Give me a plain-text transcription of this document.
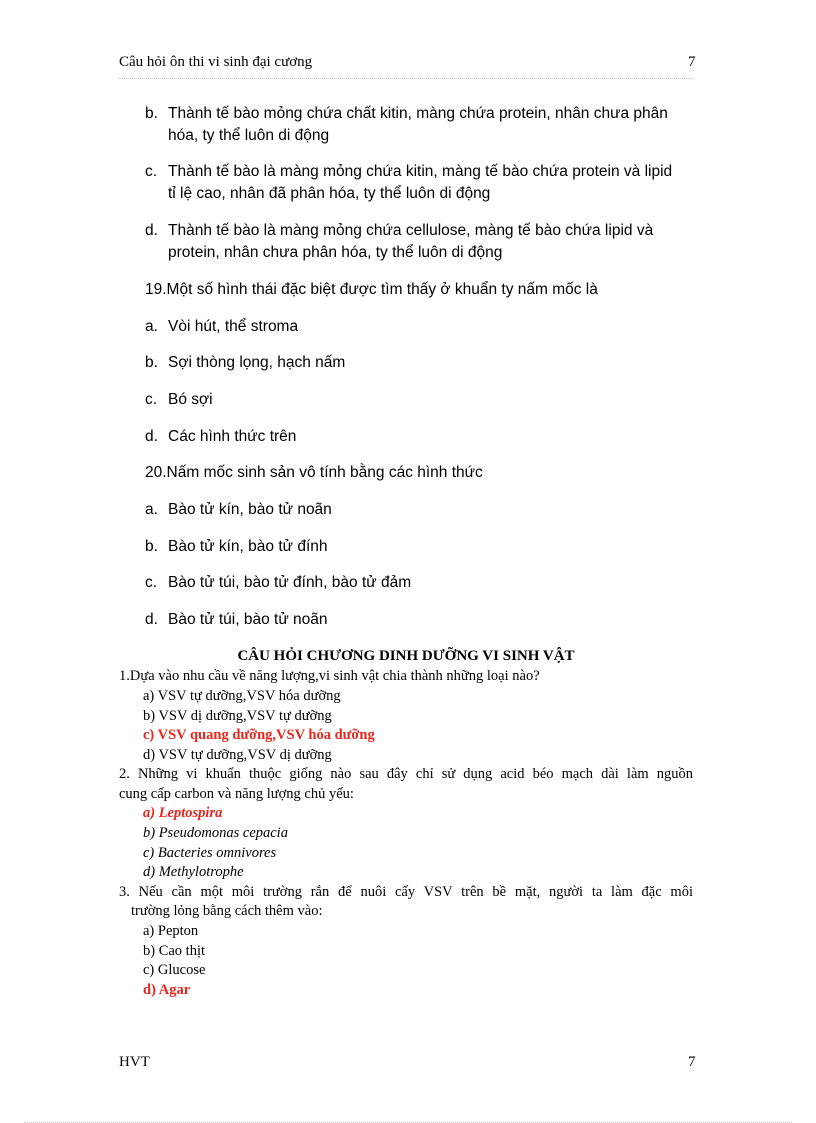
Câu hỏi ôn thi vi sinh đại cương	7
b. Thành tế bào mỏng chứa chất kitin, màng chứa protein, nhân chưa phân
hóa, ty thể luôn di động
c. Thành tế bào là màng mỏng chứa kitin, màng tế bào chứa protein và lipid
tỉ lệ cao, nhân đã phân hóa, ty thể luôn di động
d. Thành tế bào là màng mỏng chứa cellulose, màng tế bào chứa lipid và
protein, nhân chưa phân hóa, ty thể luôn di động
19.Một số hình thái đặc biệt được tìm thấy ở khuẩn ty nấm mốc là
a. Vòi hút, thể stroma
b. Sợi thòng lọng, hạch nấm
c. Bó sợi
d. Các hình thức trên
20.Nấm mốc sinh sản vô tính bằng các hình thức
a. Bào tử kín, bào tử noãn
b. Bào tử kín, bào tử đính
c. Bào tử túi, bào tử đính, bào tử đảm
d. Bào tử túi, bào tử noãn
CÂU HỎI CHƯƠNG DINH DƯỠNG VI SINH VẬT
1.Dựa vào nhu cầu về năng lượng,vi sinh vật chia thành những loại nào?
a) VSV tự dưỡng,VSV hóa dưỡng
b) VSV dị dưỡng,VSV tự dưỡng
c) VSV quang dưỡng,VSV hóa dưỡng
d) VSV tự dưỡng,VSV dị dưỡng
2. Những vi khuẩn thuộc giống nào sau đây chỉ sử dụng acid béo mạch dài làm nguồn
cung cấp carbon và năng lượng chủ yếu:
a) Leptospira
b) Pseudomonas cepacia
c) Bacteries omnivores
d) Methylotrophe
3. Nếu cần một môi trường rắn để nuôi cấy VSV trên bề mặt, người ta làm đặc môi
trường lỏng bằng cách thêm vào:
a) Pepton
b) Cao thịt
c) Glucose
d) Agar
HVT	7
